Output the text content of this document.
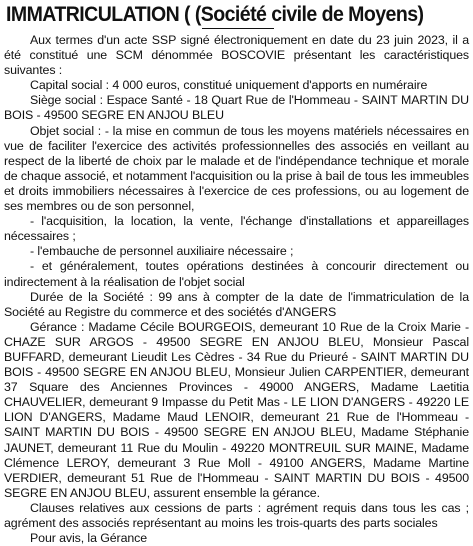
IMMATRICULATION ( (Société civile de Moyens)

Aux termes d'un acte SSP signé électroniquement en date du 23 juin 2023, il a été constitué une SCM dénommée BOSCOVIE présentant les caractéristiques suivantes :

Capital social : 4 000 euros, constitué uniquement d'apports en numéraire

Siège social : Espace Santé - 18 Quart Rue de l'Hommeau - SAINT MARTIN DU BOIS - 49500 SEGRE EN ANJOU BLEU

Objet social : - la mise en commun de tous les moyens matériels nécessaires en vue de faciliter l'exercice des activités professionnelles des associés en veillant au respect de la liberté de choix par le malade et de l'indépendance technique et morale de chaque associé, et notamment l'acquisition ou la prise à bail de tous les immeubles et droits immobiliers nécessaires à l'exercice de ces professions, ou au logement de ses membres ou de son personnel,

- l'acquisition, la location, la vente, l'échange d'installations et appareillages nécessaires ;

- l'embauche de personnel auxiliaire nécessaire ;

- et généralement, toutes opérations destinées à concourir directement ou indirectement à la réalisation de l'objet social

Durée de la Société : 99 ans à compter de la date de l'immatriculation de la Société au Registre du commerce et des sociétés d'ANGERS

Gérance : Madame Cécile BOURGEOIS, demeurant 10 Rue de la Croix Marie - CHAZE SUR ARGOS - 49500 SEGRE EN ANJOU BLEU, Monsieur Pascal BUFFARD, demeurant Lieudit Les Cèdres - 34 Rue du Prieuré - SAINT MARTIN DU BOIS - 49500 SEGRE EN ANJOU BLEU, Monsieur Julien CARPENTIER, demeurant 37 Square des Anciennes Provinces - 49000 ANGERS, Madame Laetitia CHAUVELIER, demeurant 9 Impasse du Petit Mas - LE LION D'ANGERS - 49220 LE LION D'ANGERS, Madame Maud LENOIR, demeurant 21 Rue de l'Hommeau - SAINT MARTIN DU BOIS - 49500 SEGRE EN ANJOU BLEU, Madame Stéphanie JAUNET, demeurant 11 Rue du Moulin - 49220 MONTREUIL SUR MAINE, Madame Clémence LEROY, demeurant 3 Rue Moll - 49100 ANGERS, Madame Martine VERDIER, demeurant 51 Rue de l'Hommeau - SAINT MARTIN DU BOIS - 49500 SEGRE EN ANJOU BLEU, assurent ensemble la gérance.

Clauses relatives aux cessions de parts : agrément requis dans tous les cas ; agrément des associés représentant au moins les trois-quarts des parts sociales

Pour avis, la Gérance
